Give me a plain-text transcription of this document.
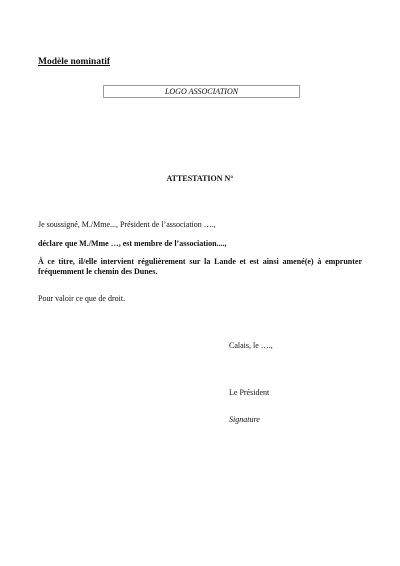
Modèle nominatif
LOGO ASSOCIATION
ATTESTATION N°
Je soussigné, M./Mme..., Président de l’association ….,
déclare que M./Mme …, est membre de l’association....,
À ce titre, il/elle intervient régulièrement sur la Lande et est ainsi amené(e) à emprunter
fréquemment le chemin des Dunes.
Pour valoir ce que de droit.
Calais, le ….,
Le Président
Signature
